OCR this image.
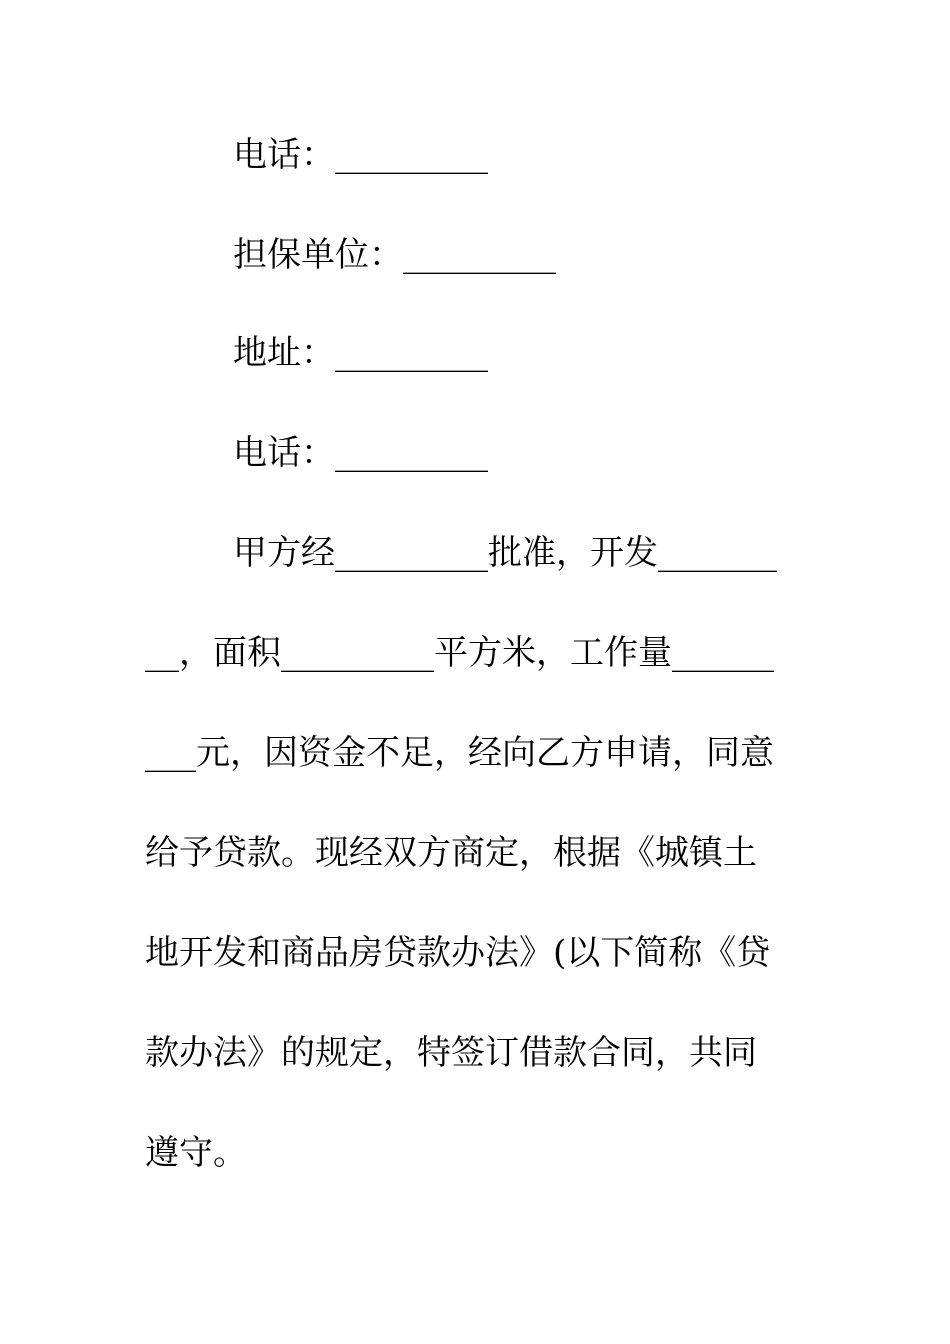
电话：_________
担保单位：_________
地址：_________
电话：_________
甲方经_________批准，开发_______
__，面积_________平方米，工作量______
___元，因资金不足，经向乙方申请，同意
给予贷款。现经双方商定，根据《城镇土
地开发和商品房贷款办法》(以下简称《贷
款办法》的规定，特签订借款合同，共同
遵守。
